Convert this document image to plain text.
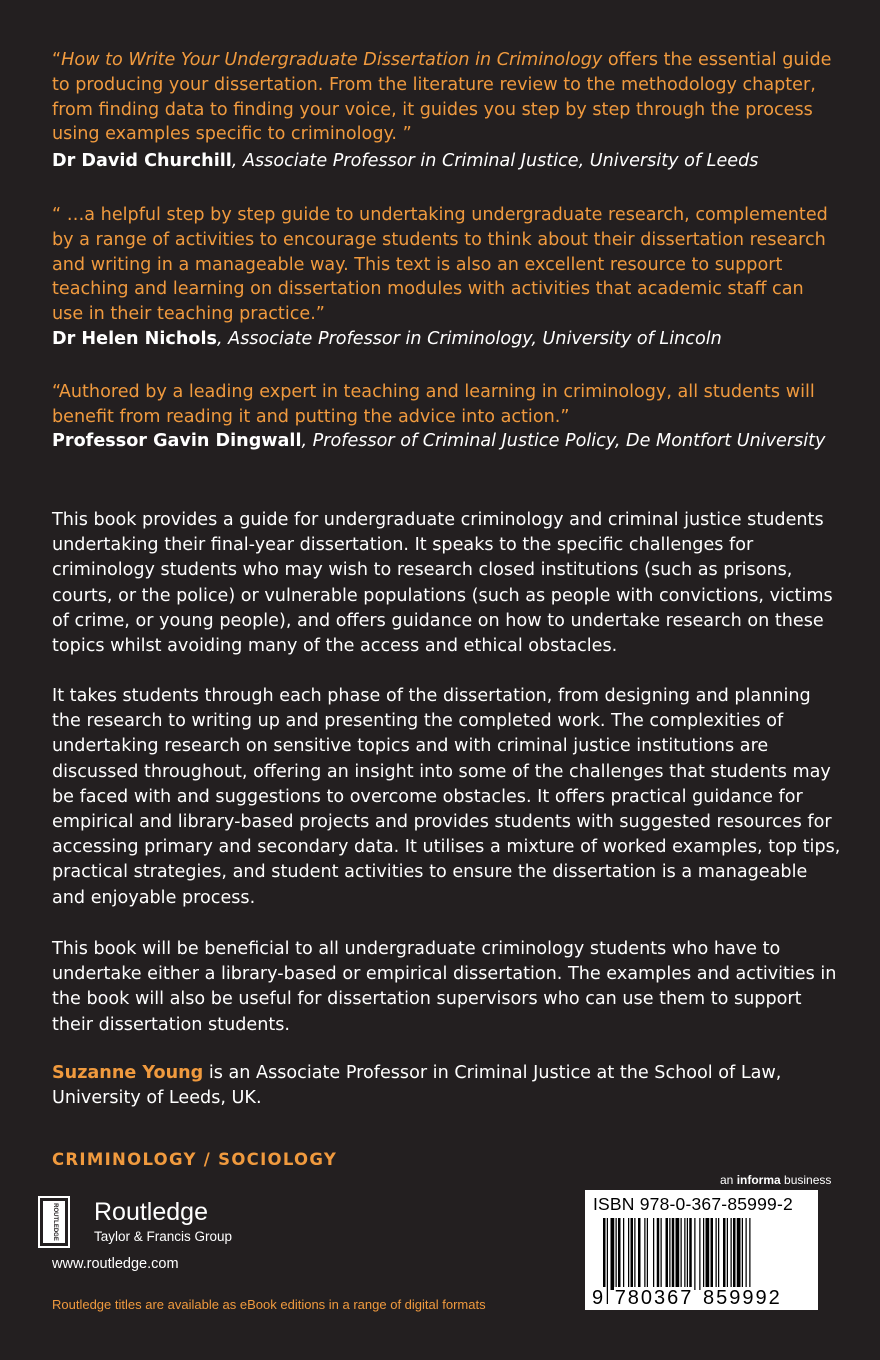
“How to Write Your Undergraduate Dissertation in Criminology offers the essential guide to producing your dissertation. From the literature review to the methodology chapter, from finding data to finding your voice, it guides you step by step through the process using examples specific to criminology. ”
Dr David Churchill, Associate Professor in Criminal Justice, University of Leeds
“ …a helpful step by step guide to undertaking undergraduate research, complemented by a range of activities to encourage students to think about their dissertation research and writing in a manageable way. This text is also an excellent resource to support teaching and learning on dissertation modules with activities that academic staff can use in their teaching practice.”
Dr Helen Nichols, Associate Professor in Criminology, University of Lincoln
“Authored by a leading expert in teaching and learning in criminology, all students will benefit from reading it and putting the advice into action.”
Professor Gavin Dingwall, Professor of Criminal Justice Policy, De Montfort University
This book provides a guide for undergraduate criminology and criminal justice students undertaking their final-year dissertation. It speaks to the specific challenges for criminology students who may wish to research closed institutions (such as prisons, courts, or the police) or vulnerable populations (such as people with convictions, victims of crime, or young people), and offers guidance on how to undertake research on these topics whilst avoiding many of the access and ethical obstacles.
It takes students through each phase of the dissertation, from designing and planning the research to writing up and presenting the completed work. The complexities of undertaking research on sensitive topics and with criminal justice institutions are discussed throughout, offering an insight into some of the challenges that students may be faced with and suggestions to overcome obstacles. It offers practical guidance for empirical and library-based projects and provides students with suggested resources for accessing primary and secondary data. It utilises a mixture of worked examples, top tips, practical strategies, and student activities to ensure the dissertation is a manageable and enjoyable process.
This book will be beneficial to all undergraduate criminology students who have to undertake either a library-based or empirical dissertation. The examples and activities in the book will also be useful for dissertation supervisors who can use them to support their dissertation students.
Suzanne Young is an Associate Professor in Criminal Justice at the School of Law, University of Leeds, UK.
CRIMINOLOGY / SOCIOLOGY
ROUTLEDGE Routledge
Taylor & Francis Group
www.routledge.com
Routledge titles are available as eBook editions in a range of digital formats
an informa business
ISBN 978-0-367-85999-2
9 780367 859992
